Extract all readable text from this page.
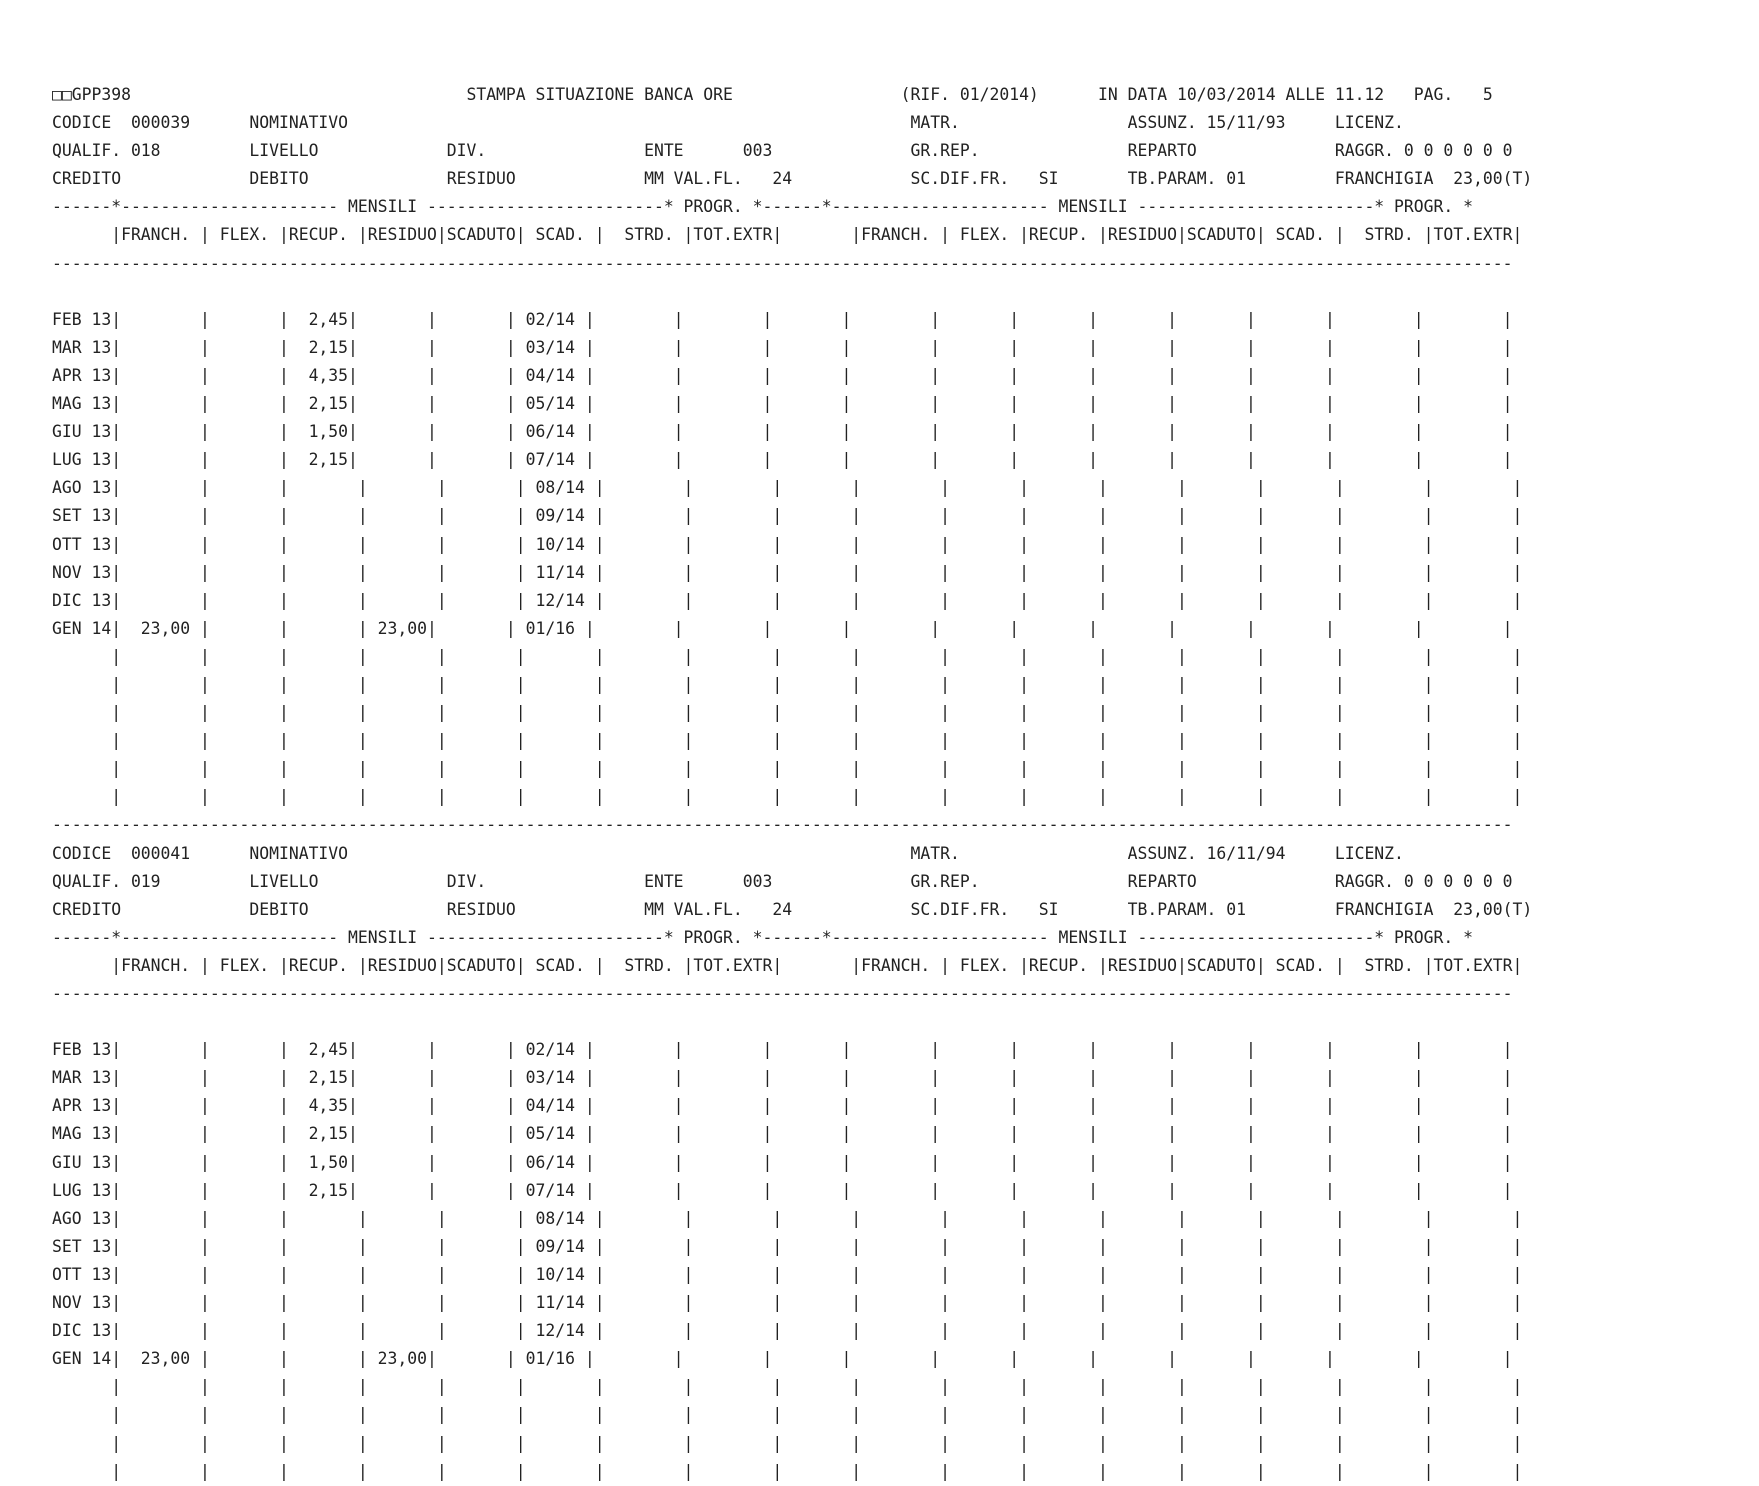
□□GPP398                                  STAMPA SITUAZIONE BANCA ORE                 (RIF. 01/2014)      IN DATA 10/03/2014 ALLE 11.12   PAG.   5
CODICE  000039      NOMINATIVO                                                         MATR.                 ASSUNZ. 15/11/93     LICENZ.
QUALIF. 018         LIVELLO             DIV.                ENTE      003              GR.REP.               REPARTO              RAGGR. 0 0 0 0 0 0
CREDITO             DEBITO              RESIDUO             MM VAL.FL.   24            SC.DIF.FR.   SI       TB.PARAM. 01         FRANCHIGIA  23,00(T)
------*---------------------- MENSILI ------------------------* PROGR. *------*---------------------- MENSILI ------------------------* PROGR. *
|FRANCH. | FLEX. |RECUP. |RESIDUO|SCADUTO| SCAD. |  STRD. |TOT.EXTR|       |FRANCH. | FLEX. |RECUP. |RESIDUO|SCADUTO| SCAD. |  STRD. |TOT.EXTR|
----------------------------------------------------------------------------------------------------------------------------------------------------
FEB 13|        |       |  2,45|       |       | 02/14 |        |        |       |        |       |       |       |       |       |        |        |
MAR 13|        |       |  2,15|       |       | 03/14 |        |        |       |        |       |       |       |       |       |        |        |
APR 13|        |       |  4,35|       |       | 04/14 |        |        |       |        |       |       |       |       |       |        |        |
MAG 13|        |       |  2,15|       |       | 05/14 |        |        |       |        |       |       |       |       |       |        |        |
GIU 13|        |       |  1,50|       |       | 06/14 |        |        |       |        |       |       |       |       |       |        |        |
LUG 13|        |       |  2,15|       |       | 07/14 |        |        |       |        |       |       |       |       |       |        |        |
AGO 13|        |       |       |       |       | 08/14 |        |        |       |        |       |       |       |       |       |        |        |
SET 13|        |       |       |       |       | 09/14 |        |        |       |        |       |       |       |       |       |        |        |
OTT 13|        |       |       |       |       | 10/14 |        |        |       |        |       |       |       |       |       |        |        |
NOV 13|        |       |       |       |       | 11/14 |        |        |       |        |       |       |       |       |       |        |        |
DIC 13|        |       |       |       |       | 12/14 |        |        |       |        |       |       |       |       |       |        |        |
GEN 14|  23,00 |       |       | 23,00|       | 01/16 |        |        |       |        |       |       |       |       |       |        |        |
|        |       |       |       |       |       |        |        |       |        |       |       |       |       |       |        |        |
|        |       |       |       |       |       |        |        |       |        |       |       |       |       |       |        |        |
|        |       |       |       |       |       |        |        |       |        |       |       |       |       |       |        |        |
|        |       |       |       |       |       |        |        |       |        |       |       |       |       |       |        |        |
|        |       |       |       |       |       |        |        |       |        |       |       |       |       |       |        |        |
|        |       |       |       |       |       |        |        |       |        |       |       |       |       |       |        |        |
----------------------------------------------------------------------------------------------------------------------------------------------------
CODICE  000041      NOMINATIVO                                                         MATR.                 ASSUNZ. 16/11/94     LICENZ.
QUALIF. 019         LIVELLO             DIV.                ENTE      003              GR.REP.               REPARTO              RAGGR. 0 0 0 0 0 0
CREDITO             DEBITO              RESIDUO             MM VAL.FL.   24            SC.DIF.FR.   SI       TB.PARAM. 01         FRANCHIGIA  23,00(T)
------*---------------------- MENSILI ------------------------* PROGR. *------*---------------------- MENSILI ------------------------* PROGR. *
|FRANCH. | FLEX. |RECUP. |RESIDUO|SCADUTO| SCAD. |  STRD. |TOT.EXTR|       |FRANCH. | FLEX. |RECUP. |RESIDUO|SCADUTO| SCAD. |  STRD. |TOT.EXTR|
----------------------------------------------------------------------------------------------------------------------------------------------------
FEB 13|        |       |  2,45|       |       | 02/14 |        |        |       |        |       |       |       |       |       |        |        |
MAR 13|        |       |  2,15|       |       | 03/14 |        |        |       |        |       |       |       |       |       |        |        |
APR 13|        |       |  4,35|       |       | 04/14 |        |        |       |        |       |       |       |       |       |        |        |
MAG 13|        |       |  2,15|       |       | 05/14 |        |        |       |        |       |       |       |       |       |        |        |
GIU 13|        |       |  1,50|       |       | 06/14 |        |        |       |        |       |       |       |       |       |        |        |
LUG 13|        |       |  2,15|       |       | 07/14 |        |        |       |        |       |       |       |       |       |        |        |
AGO 13|        |       |       |       |       | 08/14 |        |        |       |        |       |       |       |       |       |        |        |
SET 13|        |       |       |       |       | 09/14 |        |        |       |        |       |       |       |       |       |        |        |
OTT 13|        |       |       |       |       | 10/14 |        |        |       |        |       |       |       |       |       |        |        |
NOV 13|        |       |       |       |       | 11/14 |        |        |       |        |       |       |       |       |       |        |        |
DIC 13|        |       |       |       |       | 12/14 |        |        |       |        |       |       |       |       |       |        |        |
GEN 14|  23,00 |       |       | 23,00|       | 01/16 |        |        |       |        |       |       |       |       |       |        |        |
|        |       |       |       |       |       |        |        |       |        |       |       |       |       |       |        |        |
|        |       |       |       |       |       |        |        |       |        |       |       |       |       |       |        |        |
|        |       |       |       |       |       |        |        |       |        |       |       |       |       |       |        |        |
|        |       |       |       |       |       |        |        |       |        |       |       |       |       |       |        |        |
